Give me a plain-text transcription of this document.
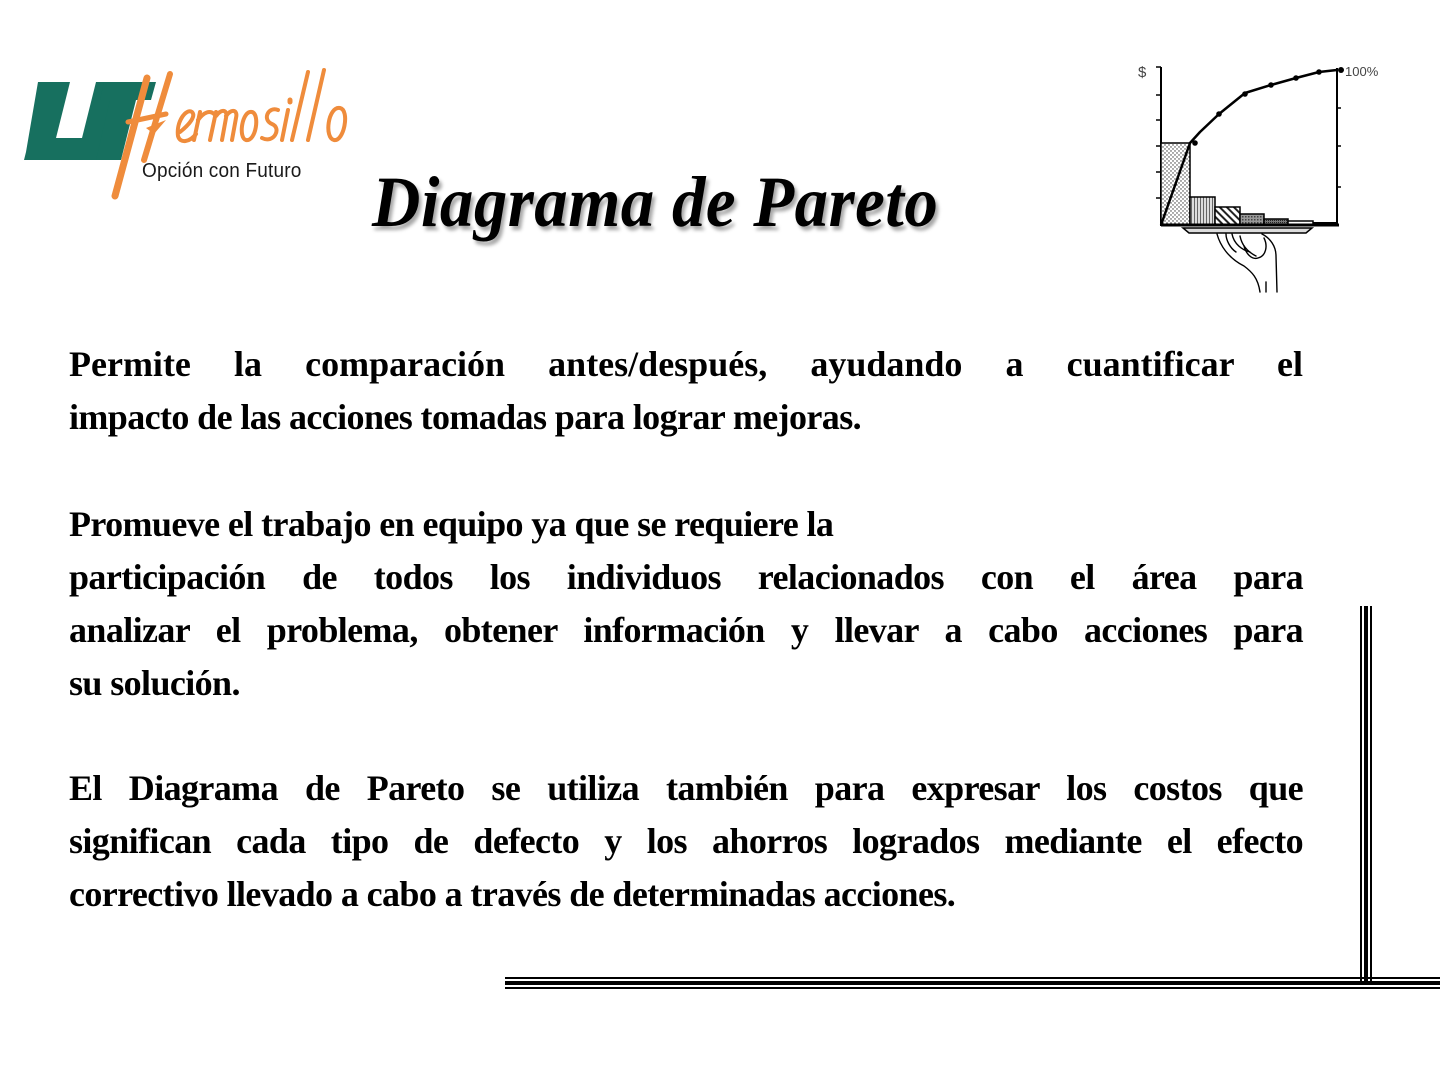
Opción con Futuro Diagrama de Pareto
$	100%
Permite la comparación antes/después, ayudando a cuantificar el
impacto de las acciones tomadas para lograr mejoras.
Promueve el trabajo en equipo ya que se requiere la
participación de todos los individuos relacionados con el área para
analizar el problema, obtener información y llevar a cabo acciones para
su solución.
El Diagrama de Pareto se utiliza también para expresar los costos que
significan cada tipo de defecto y los ahorros logrados mediante el efecto
correctivo llevado a cabo a través de determinadas acciones.
